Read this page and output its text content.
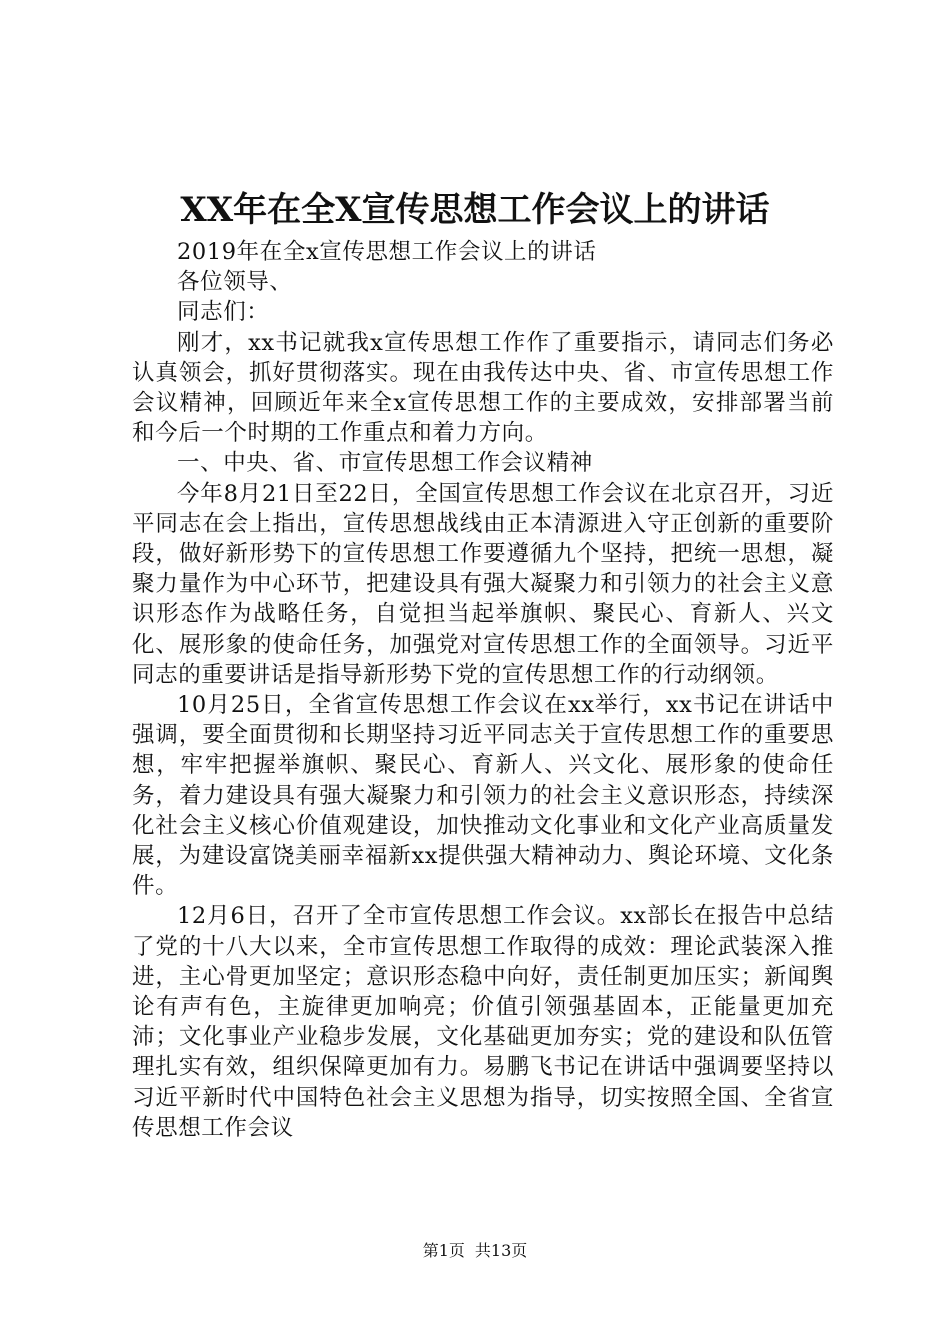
XX年在全X宣传思想工作会议上的讲话

2019年在全x宣传思想工作会议上的讲话

各位领导、

同志们：

刚才，xx书记就我x宣传思想工作作了重要指示，请同志们务必认真领会，抓好贯彻落实。现在由我传达中央、省、市宣传思想工作会议精神，回顾近年来全x宣传思想工作的主要成效，安排部署当前和今后一个时期的工作重点和着力方向。

一、中央、省、市宣传思想工作会议精神

今年8月21日至22日，全国宣传思想工作会议在北京召开，习近平同志在会上指出，宣传思想战线由正本清源进入守正创新的重要阶段，做好新形势下的宣传思想工作要遵循九个坚持，把统一思想，凝聚力量作为中心环节，把建设具有强大凝聚力和引领力的社会主义意识形态作为战略任务，自觉担当起举旗帜、聚民心、育新人、兴文化、展形象的使命任务，加强党对宣传思想工作的全面领导。习近平同志的重要讲话是指导新形势下党的宣传思想工作的行动纲领。

10月25日，全省宣传思想工作会议在xx举行，xx书记在讲话中强调，要全面贯彻和长期坚持习近平同志关于宣传思想工作的重要思想，牢牢把握举旗帜、聚民心、育新人、兴文化、展形象的使命任务，着力建设具有强大凝聚力和引领力的社会主义意识形态，持续深化社会主义核心价值观建设，加快推动文化事业和文化产业高质量发展，为建设富饶美丽幸福新xx提供强大精神动力、舆论环境、文化条件。

12月6日，召开了全市宣传思想工作会议。xx部长在报告中总结了党的十八大以来，全市宣传思想工作取得的成效：理论武装深入推进，主心骨更加坚定；意识形态稳中向好，责任制更加压实；新闻舆论有声有色，主旋律更加响亮；价值引领强基固本，正能量更加充沛；文化事业产业稳步发展，文化基础更加夯实；党的建设和队伍管理扎实有效，组织保障更加有力。易鹏飞书记在讲话中强调要坚持以习近平新时代中国特色社会主义思想为指导，切实按照全国、全省宣传思想工作会议

第1页 共13页
